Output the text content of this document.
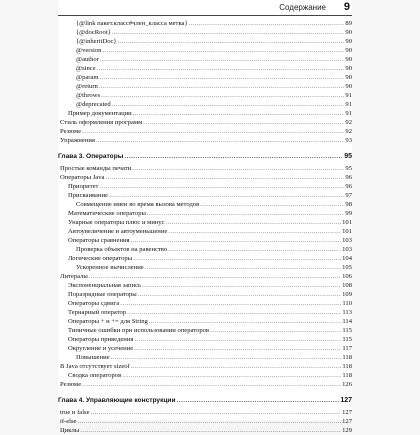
Содержание 9
{@link пакет.класс#член_класса метка} .....	89
{@docRoot} .....	90
{@inheritDoc} .....	90
@version .....	90
@author .....	90
@since .....	90
@param .....	90
@return .....	90
@throws .....	91
@deprecated .....	91
Пример документации .....	91
Стиль оформления программ .....	92
Резюме .....	92
Упражнения .....	93
Глава 3. Операторы .....	95
Простые команды печати .....	95
Операторы Java .....	96
Приоритет .....	96
Присваивание .....	97
Совмещение имен во время вызова методов .....	98
Математические операторы .....	99
Унарные операторы плюс и минус .....	101
Автоувеличение и автоуменьшение .....	101
Операторы сравнения .....	103
Проверка объектов на равенство .....	103
Логические операторы .....	104
Ускоренное вычисление .....	105
Литералы .....	106
Экспоненциальная запись .....	108
Поразрядные операторы .....	109
Операторы сдвига .....	110
Тернарный оператор .....	113
Операторы + и += для String .....	114
Типичные ошибки при использовании операторов .....	115
Операторы приведения .....	115
Округление и усечение .....	117
Повышение .....	118
В Java отсутствует sizeof .....	118
Сводка операторов .....	118
Резюме .....	126
Глава 4. Управляющие конструкции .....	127
true и false .....	127
if-else .....	127
Циклы .....	129
